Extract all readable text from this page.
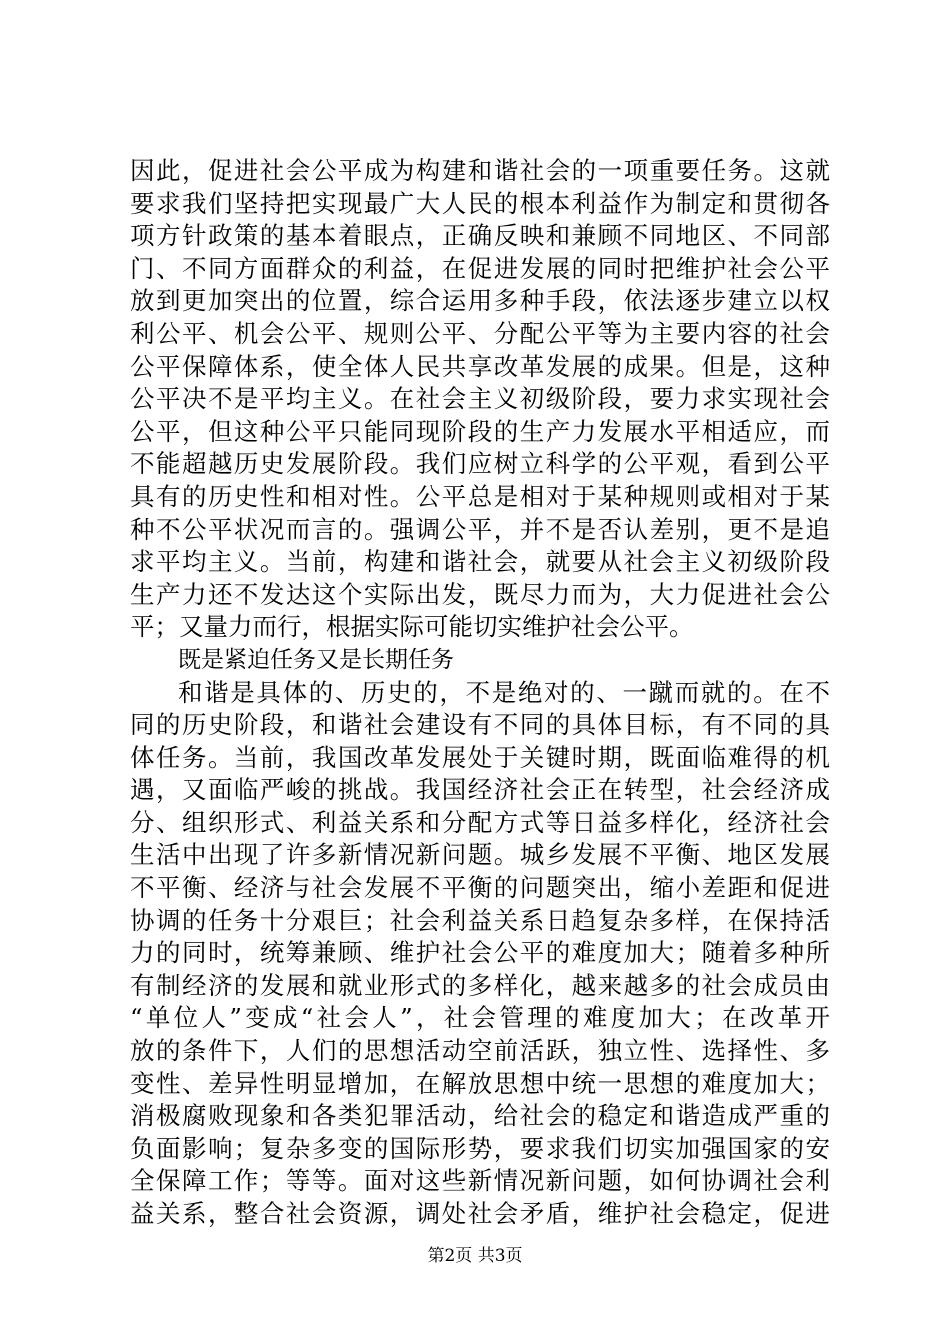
因此，促进社会公平成为构建和谐社会的一项重要任务。这就
要求我们坚持把实现最广大人民的根本利益作为制定和贯彻各
项方针政策的基本着眼点，正确反映和兼顾不同地区、不同部
门、不同方面群众的利益，在促进发展的同时把维护社会公平
放到更加突出的位置，综合运用多种手段，依法逐步建立以权
利公平、机会公平、规则公平、分配公平等为主要内容的社会
公平保障体系，使全体人民共享改革发展的成果。但是，这种
公平决不是平均主义。在社会主义初级阶段，要力求实现社会
公平，但这种公平只能同现阶段的生产力发展水平相适应，而
不能超越历史发展阶段。我们应树立科学的公平观，看到公平
具有的历史性和相对性。公平总是相对于某种规则或相对于某
种不公平状况而言的。强调公平，并不是否认差别，更不是追
求平均主义。当前，构建和谐社会，就要从社会主义初级阶段
生产力还不发达这个实际出发，既尽力而为，大力促进社会公
平；又量力而行，根据实际可能切实维护社会公平。
既是紧迫任务又是长期任务
和谐是具体的、历史的，不是绝对的、一蹴而就的。在不
同的历史阶段，和谐社会建设有不同的具体目标，有不同的具
体任务。当前，我国改革发展处于关键时期，既面临难得的机
遇，又面临严峻的挑战。我国经济社会正在转型，社会经济成
分、组织形式、利益关系和分配方式等日益多样化，经济社会
生活中出现了许多新情况新问题。城乡发展不平衡、地区发展
不平衡、经济与社会发展不平衡的问题突出，缩小差距和促进
协调的任务十分艰巨；社会利益关系日趋复杂多样，在保持活
力的同时，统筹兼顾、维护社会公平的难度加大；随着多种所
有制经济的发展和就业形式的多样化，越来越多的社会成员由
“单位人”变成“社会人”，社会管理的难度加大；在改革开
放的条件下，人们的思想活动空前活跃，独立性、选择性、多
变性、差异性明显增加，在解放思想中统一思想的难度加大；
消极腐败现象和各类犯罪活动，给社会的稳定和谐造成严重的
负面影响；复杂多变的国际形势，要求我们切实加强国家的安
全保障工作；等等。面对这些新情况新问题，如何协调社会利
益关系，整合社会资源，调处社会矛盾，维护社会稳定，促进
第2页 共3页
